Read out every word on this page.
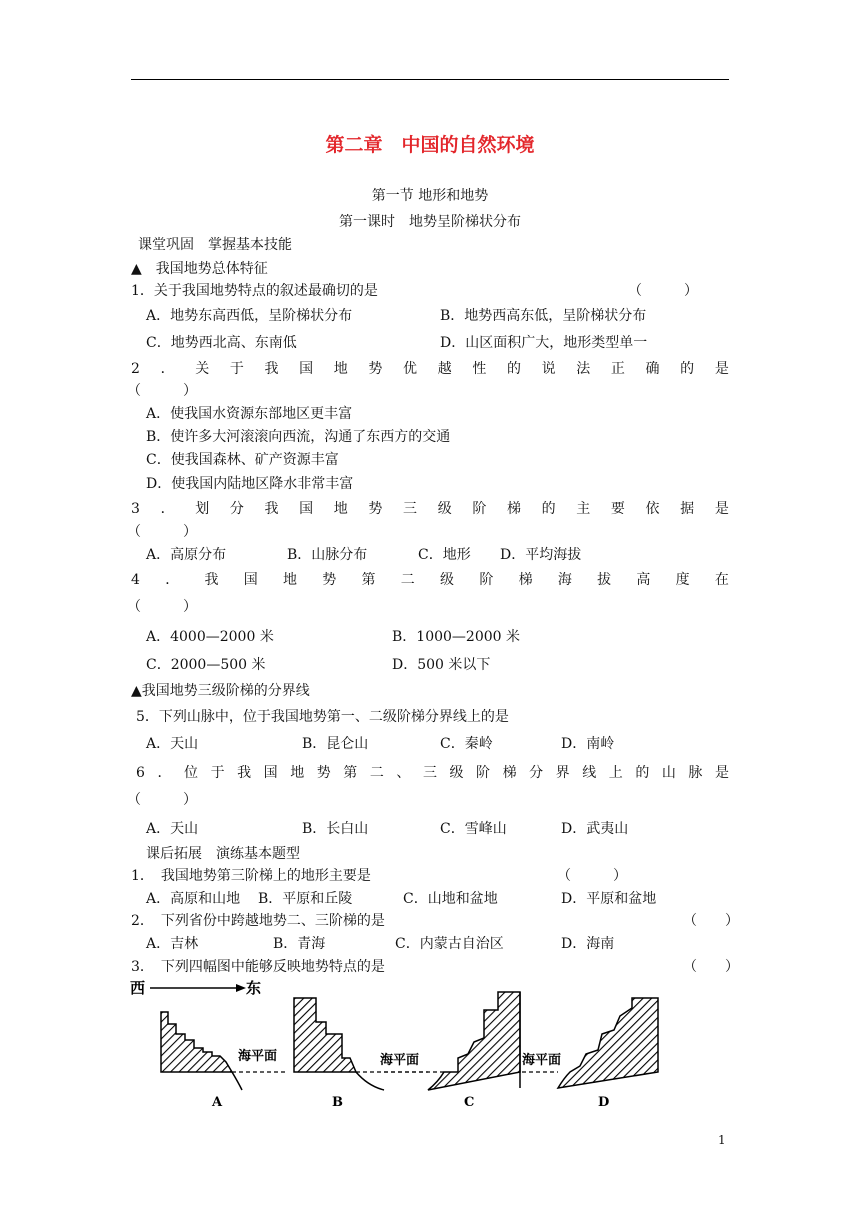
第二章　中国的自然环境
第一节 地形和地势
第一课时　地势呈阶梯状分布
课堂巩固　掌握基本技能
▲　我国地势总体特征
1．关于我国地势特点的叙述最确切的是	（　　　）
A．地势东高西低，呈阶梯状分布	B．地势西高东低，呈阶梯状分布
C．地势西北高、东南低	D．山区面积广大，地形类型单一
2 ． 关 于 我 国 地 势 优 越 性 的 说 法 正 确 的 是
（　　　）
A．使我国水资源东部地区更丰富
B．使许多大河滚滚向西流，沟通了东西方的交通
C．使我国森林、矿产资源丰富
D．使我国内陆地区降水非常丰富
3 ． 划 分 我 国 地 势 三 级 阶 梯 的 主 要 依 据 是
（　　　）
A．高原分布	B．山脉分布	C．地形 D．平均海拔
4 ． 我 国 地 势 第 二 级 阶 梯 海 拔 高 度 在
（　　　）
A．4000—2000 米	B．1000—2000 米
C．2000—500 米	D．500 米以下
▲我国地势三级阶梯的分界线
5．下列山脉中，位于我国地势第一、二级阶梯分界线上的是
A．天山	B．昆仑山	C．秦岭	D．南岭
6 ． 位 于 我 国 地 势 第 二 、 三 级 阶 梯 分 界 线 上 的 山 脉 是
（　　　）
A．天山	B．长白山	C．雪峰山	D．武夷山
课后拓展　演练基本题型
1．　我国地势第三阶梯上的地形主要是	（　　　）
A．高原和山地 B．平原和丘陵	C．山地和盆地	D．平原和盆地
2．　下列省份中跨越地势二、三阶梯的是	（　　）
A．吉林	B．青海	C．内蒙古自治区	D．海南
3．　下列四幅图中能够反映地势特点的是	（　　）
西	东
海平面
A	B
海平面
C
海平面
D
1
